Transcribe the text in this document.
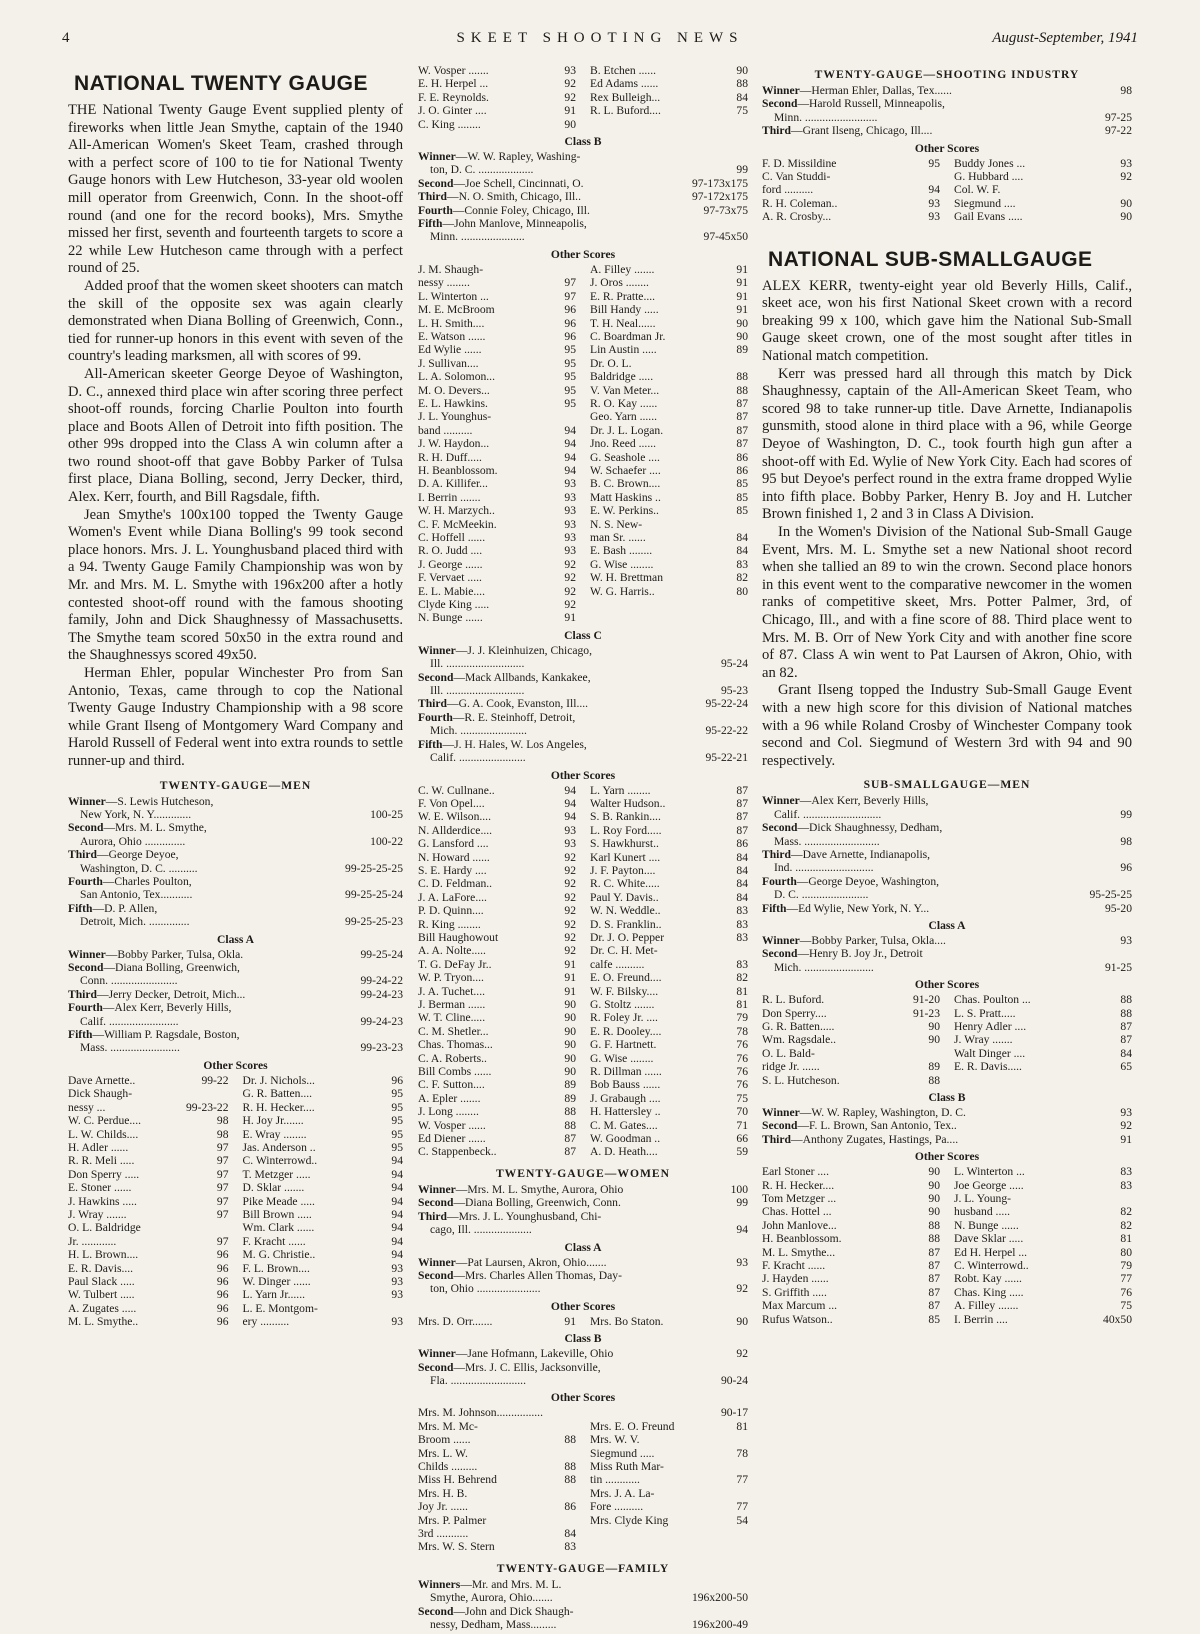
4	SKEET SHOOTING NEWS	August-September, 1941
NATIONAL TWENTY GAUGE

THE National Twenty Gauge Event supplied plenty of fireworks when little Jean Smythe, captain of the 1940 All-American Women's Skeet Team, crashed through with a perfect score of 100 to tie for National Twenty Gauge honors with Lew Hutcheson, 33-year old woolen mill operator from Greenwich, Conn. In the shoot-off round (and one for the record books), Mrs. Smythe missed her first, seventh and fourteenth targets to score a 22 while Lew Hutcheson came through with a perfect round of 25.

Added proof that the women skeet shooters can match the skill of the opposite sex was again clearly demonstrated when Diana Bolling of Greenwich, Conn., tied for runner-up honors in this event with seven of the country's leading marksmen, all with scores of 99.

All-American skeeter George Deyoe of Washington, D. C., annexed third place win after scoring three perfect shoot-off rounds, forcing Charlie Poulton into fourth place and Boots Allen of Detroit into fifth position. The other 99s dropped into the Class A win column after a two round shoot-off that gave Bobby Parker of Tulsa first place, Diana Bolling, second, Jerry Decker, third, Alex. Kerr, fourth, and Bill Ragsdale, fifth.

Jean Smythe's 100x100 topped the Twenty Gauge Women's Event while Diana Bolling's 99 took second place honors. Mrs. J. L. Younghusband placed third with a 94. Twenty Gauge Family Championship was won by Mr. and Mrs. M. L. Smythe with 196x200 after a hotly contested shoot-off round with the famous shooting family, John and Dick Shaughnessy of Massachusetts. The Smythe team scored 50x50 in the extra round and the Shaughnessys scored 49x50.

Herman Ehler, popular Winchester Pro from San Antonio, Texas, came through to cop the National Twenty Gauge Industry Championship with a 98 score while Grant Ilseng of Montgomery Ward Company and Harold Russell of Federal went into extra rounds to settle runner-up and third.

TWENTY-GAUGE—MEN
Winner—S. Lewis Hutcheson,
New York, N. Y.............	100-25
Second—Mrs. M. L. Smythe,
Aurora, Ohio ..............	100-22
Third—George Deyoe,
Washington, D. C. ..........	99-25-25-25
Fourth—Charles Poulton,
San Antonio, Tex...........	99-25-25-24
Fifth—D. P. Allen,
Detroit, Mich. ..............	99-25-25-23
Class A
Winner—Bobby Parker, Tulsa, Okla.	99-25-24
Second—Diana Bolling, Greenwich,
Conn. .......................	99-24-22
Third—Jerry Decker, Detroit, Mich...	99-24-23
Fourth—Alex Kerr, Beverly Hills,
Calif. ........................	99-24-23
Fifth—William P. Ragsdale, Boston,
Mass. ........................	99-23-23
Other Scores
Dave Arnette..	99-22
Dick Shaugh-
nessy ...	99-23-22
W. C. Perdue....	98
L. W. Childs....	98
H. Adler ......	97
R. R. Meli .....	97
Don Sperry .....	97
E. Stoner ......	97
J. Hawkins .....	97
J. Wray .......	97
O. L. Baldridge
Jr. ............	97
H. L. Brown....	96
E. R. Davis....	96
Paul Slack .....	96
W. Tulbert .....	96
A. Zugates .....	96
M. L. Smythe..	96
Dr. J. Nichols...	96
G. R. Batten....	95
R. H. Hecker....	95
H. Joy Jr.......	95
E. Wray ........	95
Jas. Anderson ..	95
C. Winterrowd..	94
T. Metzger .....	94
D. Sklar .......	94
Pike Meade .....	94
Bill Brown .....	94
Wm. Clark ......	94
F. Kracht ......	94
M. G. Christie..	94
F. L. Brown....	93
W. Dinger ......	93
L. Yarn Jr......	93
L. E. Montgom-
ery ..........	93
W. Vosper .......	93
E. H. Herpel ...	92
F. E. Reynolds.	92
J. O. Ginter ....	91
C. King ........	90
B. Etchen ......	90
Ed Adams ......	88
Rex Bulleigh...	84
R. L. Buford....	75
Class B
Winner—W. W. Rapley, Washing-
ton, D. C. ...................	99
Second—Joe Schell, Cincinnati, O.	97-173x175
Third—N. O. Smith, Chicago, Ill..	97-172x175
Fourth—Connie Foley, Chicago, Ill.	97-73x75
Fifth—John Manlove, Minneapolis,
Minn. ......................	97-45x50
Other Scores
J. M. Shaugh-
nessy ........	97
L. Winterton ...	97
M. E. McBroom	96
L. H. Smith....	96
E. Watson ......	96
Ed Wylie ......	95
J. Sullivan....	95
L. A. Solomon...	95
M. O. Devers...	95
E. L. Hawkins.	95
J. L. Younghus-
band ..........	94
J. W. Haydon...	94
R. H. Duff.....	94
H. Beanblossom.	94
D. A. Killifer...	93
I. Berrin .......	93
W. H. Marzych..	93
C. F. McMeekin.	93
C. Hoffell ......	93
R. O. Judd ....	93
J. George ......	92
F. Vervaet .....	92
E. L. Mabie....	92
Clyde King .....	92
N. Bunge ......	91
A. Filley .......	91
J. Oros ........	91
E. R. Pratte....	91
Bill Handy .....	91
T. H. Neal......	90
C. Boardman Jr.	90
Lin Austin .....	89
Dr. O. L.
Baldridge .....	88
V. Van Meter...	88
R. O. Kay ......	87
Geo. Yarn ......	87
Dr. J. L. Logan.	87
Jno. Reed ......	87
G. Seashole ....	86
W. Schaefer ....	86
B. C. Brown....	85
Matt Haskins ..	85
E. W. Perkins..	85
N. S. New-
man Sr. ......	84
E. Bash ........	84
G. Wise ........	83
W. H. Brettman	82
W. G. Harris..	80
Class C
Winner—J. J. Kleinhuizen, Chicago,
Ill. ...........................	95-24
Second—Mack Allbands, Kankakee,
Ill. ...........................	95-23
Third—G. A. Cook, Evanston, Ill....	95-22-24
Fourth—R. E. Steinhoff, Detroit,
Mich. .......................	95-22-22
Fifth—J. H. Hales, W. Los Angeles,
Calif. .......................	95-22-21
Other Scores
C. W. Cullnane..	94
F. Von Opel....	94
W. E. Wilson....	94
N. Allderdice....	93
G. Lansford ....	93
N. Howard ......	92
S. E. Hardy ....	92
C. D. Feldman..	92
J. A. LaFore....	92
P. D. Quinn....	92
R. King ........	92
Bill Haughowout	92
A. A. Nolte.....	92
T. G. DeFay Jr..	91
W. P. Tryon....	91
J. A. Tuchet....	91
J. Berman ......	90
W. T. Cline.....	90
C. M. Shetler...	90
Chas. Thomas...	90
C. A. Roberts..	90
Bill Combs ......	90
C. F. Sutton....	89
A. Epler .......	89
J. Long ........	88
W. Vosper ......	88
Ed Diener ......	87
C. Stappenbeck..	87
L. Yarn ........	87
Walter Hudson..	87
S. B. Rankin....	87
L. Roy Ford.....	87
S. Hawkhurst..	86
Karl Kunert ....	84
J. F. Payton....	84
R. C. White.....	84
Paul Y. Davis..	84
W. N. Weddle..	83
D. S. Franklin..	83
Dr. J. O. Pepper	83
Dr. C. H. Met-
calfe ..........	83
E. O. Freund....	82
W. F. Bilsky....	81
G. Stoltz .......	81
R. Foley Jr. ....	79
E. R. Dooley....	78
G. F. Hartnett.	76
G. Wise ........	76
R. Dillman ......	76
Bob Bauss ......	76
J. Grabaugh ....	75
H. Hattersley ..	70
C. M. Gates....	71
W. Goodman ..	66
A. D. Heath....	59
TWENTY-GAUGE—WOMEN
Winner—Mrs. M. L. Smythe, Aurora, Ohio	100
Second—Diana Bolling, Greenwich, Conn.	99
Third—Mrs. J. L. Younghusband, Chi-
cago, Ill. ....................	94
Class A
Winner—Pat Laursen, Akron, Ohio.......	93
Second—Mrs. Charles Allen Thomas, Day-
ton, Ohio ......................	92
Other Scores
Mrs. D. Orr.......	91 Mrs. Bo Staton.	90
Class B
Winner—Jane Hofmann, Lakeville, Ohio	92
Second—Mrs. J. C. Ellis, Jacksonville,
Fla. ..........................	90-24
Other Scores
Mrs. M. Johnson................	90-17
Mrs. M. Mc-
Broom ......	88
Mrs. L. W.
Childs .........	88
Miss H. Behrend	88
Mrs. H. B.
Joy Jr. ......	86
Mrs. P. Palmer
3rd ...........	84
Mrs. W. S. Stern	83
Mrs. E. O. Freund	81
Mrs. W. V.
Siegmund .....	78
Miss Ruth Mar-
tin ............	77
Mrs. J. A. La-
Fore ..........	77
Mrs. Clyde King	54
TWENTY-GAUGE—FAMILY
Winners—Mr. and Mrs. M. L.
Smythe, Aurora, Ohio.......	196x200-50
Second—John and Dick Shaugh-
nessy, Dedham, Mass.........	196x200-49
TWENTY-GAUGE—SHOOTING INDUSTRY
Winner—Herman Ehler, Dallas, Tex......	98
Second—Harold Russell, Minneapolis,
Minn. .........................	97-25
Third—Grant Ilseng, Chicago, Ill....	97-22
Other Scores
F. D. Missildine	95
C. Van Studdi-
ford ..........	94
R. H. Coleman..	93
A. R. Crosby...	93
Buddy Jones ...	93
G. Hubbard ....	92
Col. W. F.
Siegmund ....	90
Gail Evans .....	90
NATIONAL SUB-SMALLGAUGE

ALEX KERR, twenty-eight year old Beverly Hills, Calif., skeet ace, won his first National Skeet crown with a record breaking 99 x 100, which gave him the National Sub-Small Gauge skeet crown, one of the most sought after titles in National match competition.

Kerr was pressed hard all through this match by Dick Shaughnessy, captain of the All-American Skeet Team, who scored 98 to take runner-up title. Dave Arnette, Indianapolis gunsmith, stood alone in third place with a 96, while George Deyoe of Washington, D. C., took fourth high gun after a shoot-off with Ed. Wylie of New York City. Each had scores of 95 but Deyoe's perfect round in the extra frame dropped Wylie into fifth place. Bobby Parker, Henry B. Joy and H. Lutcher Brown finished 1, 2 and 3 in Class A Division.

In the Women's Division of the National Sub-Small Gauge Event, Mrs. M. L. Smythe set a new National shoot record when she tallied an 89 to win the crown. Second place honors in this event went to the comparative newcomer in the women ranks of competitive skeet, Mrs. Potter Palmer, 3rd, of Chicago, Ill., and with a fine score of 88. Third place went to Mrs. M. B. Orr of New York City and with another fine score of 87. Class A win went to Pat Laursen of Akron, Ohio, with an 82.

Grant Ilseng topped the Industry Sub-Small Gauge Event with a new high score for this division of National matches with a 96 while Roland Crosby of Winchester Company took second and Col. Siegmund of Western 3rd with 94 and 90 respectively.

SUB-SMALLGAUGE—MEN
Winner—Alex Kerr, Beverly Hills,
Calif. ...........................	99
Second—Dick Shaughnessy, Dedham,
Mass. ..........................	98
Third—Dave Arnette, Indianapolis,
Ind. ...........................	96
Fourth—George Deyoe, Washington,
D. C. .......................	95-25-25
Fifth—Ed Wylie, New York, N. Y...	95-20
Class A
Winner—Bobby Parker, Tulsa, Okla....	93
Second—Henry B. Joy Jr., Detroit
Mich. ........................	91-25
Other Scores
R. L. Buford.	91-20
Don Sperry....	91-23
G. R. Batten.....	90
Wm. Ragsdale..	90
O. L. Bald-
ridge Jr. ......	89
S. L. Hutcheson.	88
Chas. Poulton ...	88
L. S. Pratt.....	88
Henry Adler ....	87
J. Wray .......	87
Walt Dinger ....	84
E. R. Davis.....	65
Class B
Winner—W. W. Rapley, Washington, D. C.	93
Second—F. L. Brown, San Antonio, Tex..	92
Third—Anthony Zugates, Hastings, Pa....	91
Other Scores
Earl Stoner ....	90
R. H. Hecker....	90
Tom Metzger ...	90
Chas. Hottel ...	90
John Manlove...	88
H. Beanblossom.	88
M. L. Smythe...	87
F. Kracht ......	87
J. Hayden ......	87
S. Griffith .....	87
Max Marcum ...	87
Rufus Watson..	85
L. Winterton ...	83
Joe George .....	83
J. L. Young-
husband .....	82
N. Bunge ......	82
Dave Sklar .....	81
Ed H. Herpel ...	80
C. Winterrowd..	79
Robt. Kay ......	77
Chas. King .....	76
A. Filley .......	75
I. Berrin ....	40x50
